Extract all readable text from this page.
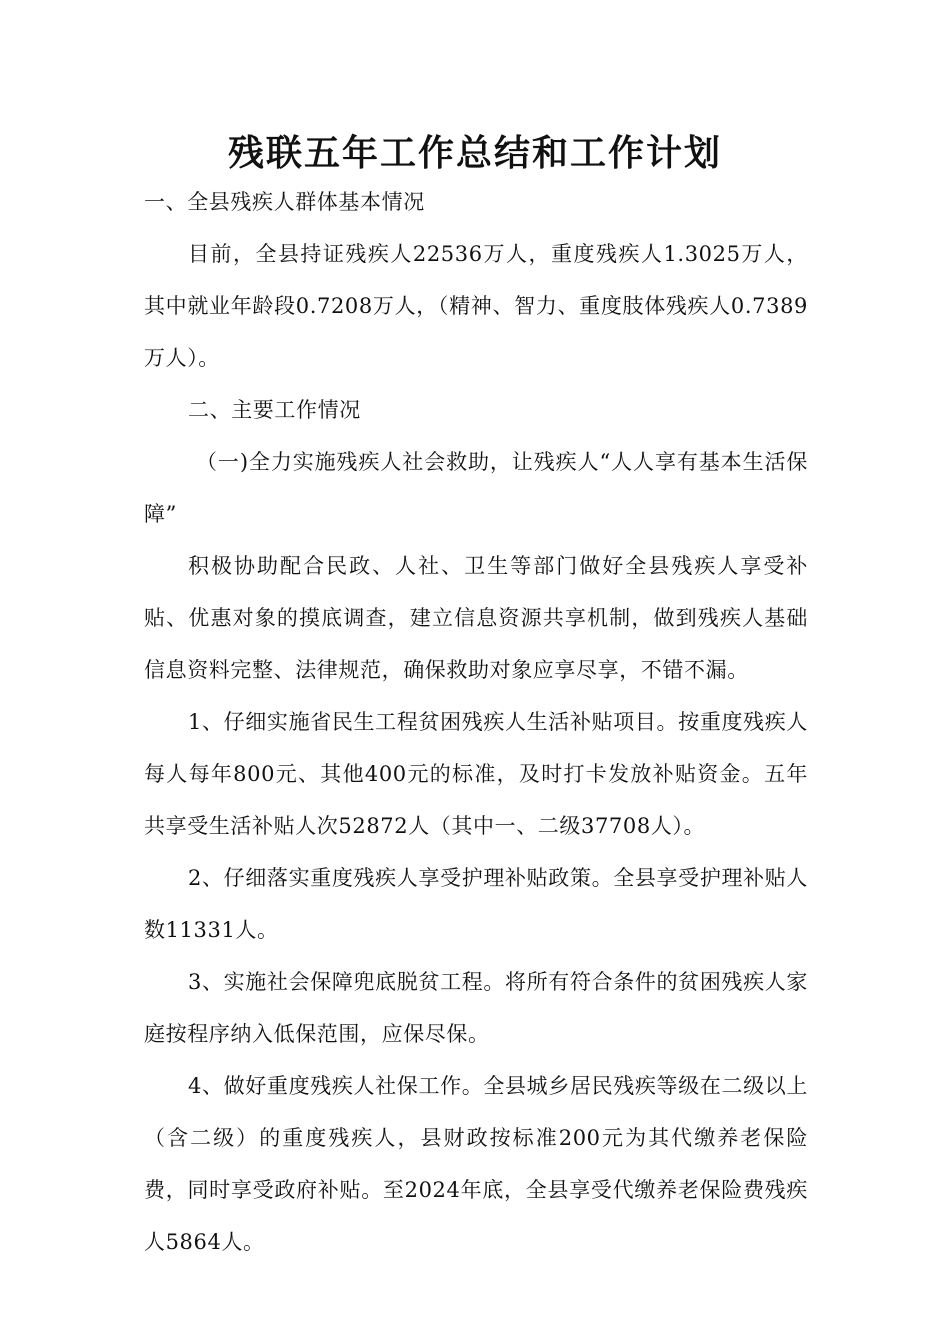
残联五年工作总结和工作计划

一、全县残疾人群体基本情况

目前，全县持证残疾人22536万人，重度残疾人1.3025万人，其中就业年龄段0.7208万人，（精神、智力、重度肢体残疾人0.7389万人）。

二、主要工作情况

（一)全力实施残疾人社会救助，让残疾人“人人享有基本生活保障”

积极协助配合民政、人社、卫生等部门做好全县残疾人享受补贴、优惠对象的摸底调查，建立信息资源共享机制，做到残疾人基础信息资料完整、法律规范，确保救助对象应享尽享，不错不漏。

1、仔细实施省民生工程贫困残疾人生活补贴项目。按重度残疾人每人每年800元、其他400元的标准，及时打卡发放补贴资金。五年共享受生活补贴人次52872人（其中一、二级37708人）。

2、仔细落实重度残疾人享受护理补贴政策。全县享受护理补贴人数11331人。

3、实施社会保障兜底脱贫工程。将所有符合条件的贫困残疾人家庭按程序纳入低保范围，应保尽保。

4、做好重度残疾人社保工作。全县城乡居民残疾等级在二级以上（含二级）的重度残疾人，县财政按标准200元为其代缴养老保险费，同时享受政府补贴。至2024年底，全县享受代缴养老保险费残疾人5864人。
